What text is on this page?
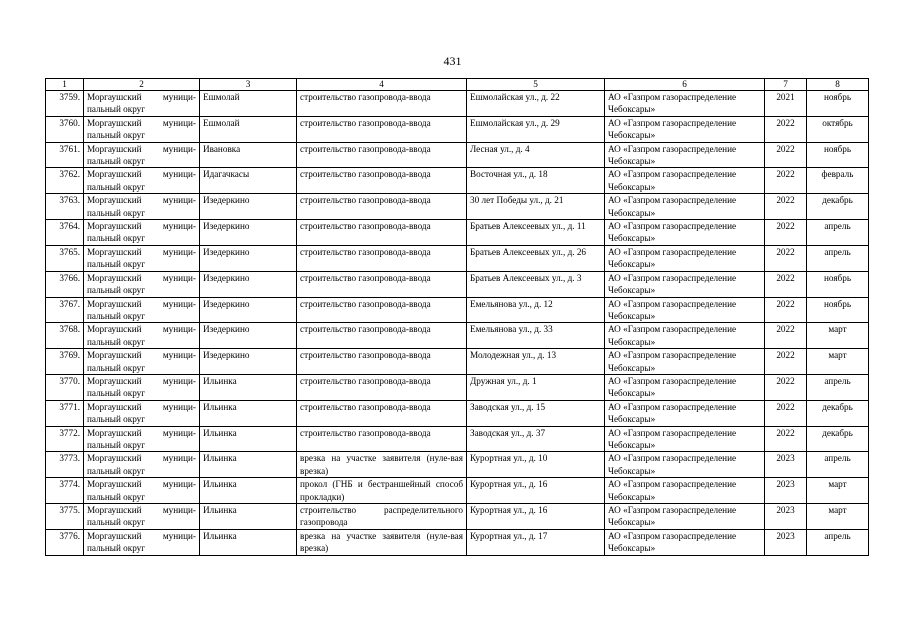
431
1	2	3	4	5	6	7	8
3759.	Моргаушский муници-пальный округ	Ешмолай	строительство газопровода-ввода	Ешмолайская ул., д. 22	АО «Газпром газораспределение Чебоксары»	2021	ноябрь
3760.	Моргаушский муници-пальный округ	Ешмолай	строительство газопровода-ввода	Ешмолайская ул., д. 29	АО «Газпром газораспределение Чебоксары»	2022	октябрь
3761.	Моргаушский муници-пальный округ	Ивановка	строительство газопровода-ввода	Лесная ул., д. 4	АО «Газпром газораспределение Чебоксары»	2022	ноябрь
3762.	Моргаушский муници-пальный округ	Идагачкасы	строительство газопровода-ввода	Восточная ул., д. 18	АО «Газпром газораспределение Чебоксары»	2022	февраль
3763.	Моргаушский муници-пальный округ	Изедеркино	строительство газопровода-ввода	30 лет Победы ул., д. 21	АО «Газпром газораспределение Чебоксары»	2022	декабрь
3764.	Моргаушский муници-пальный округ	Изедеркино	строительство газопровода-ввода	Братьев Алексеевых ул., д. 11	АО «Газпром газораспределение Чебоксары»	2022	апрель
3765.	Моргаушский муници-пальный округ	Изедеркино	строительство газопровода-ввода	Братьев Алексеевых ул., д. 26	АО «Газпром газораспределение Чебоксары»	2022	апрель
3766.	Моргаушский муници-пальный округ	Изедеркино	строительство газопровода-ввода	Братьев Алексеевых ул., д. 3	АО «Газпром газораспределение Чебоксары»	2022	ноябрь
3767.	Моргаушский муници-пальный округ	Изедеркино	строительство газопровода-ввода	Емельянова ул., д. 12	АО «Газпром газораспределение Чебоксары»	2022	ноябрь
3768.	Моргаушский муници-пальный округ	Изедеркино	строительство газопровода-ввода	Емельянова ул., д. 33	АО «Газпром газораспределение Чебоксары»	2022	март
3769.	Моргаушский муници-пальный округ	Изедеркино	строительство газопровода-ввода	Молодежная ул., д. 13	АО «Газпром газораспределение Чебоксары»	2022	март
3770.	Моргаушский муници-пальный округ	Ильинка	строительство газопровода-ввода	Дружная ул., д. 1	АО «Газпром газораспределение Чебоксары»	2022	апрель
3771.	Моргаушский муници-пальный округ	Ильинка	строительство газопровода-ввода	Заводская ул., д. 15	АО «Газпром газораспределение Чебоксары»	2022	декабрь
3772.	Моргаушский муници-пальный округ	Ильинка	строительство газопровода-ввода	Заводская ул., д. 37	АО «Газпром газораспределение Чебоксары»	2022	декабрь
3773.	Моргаушский муници-пальный округ	Ильинка	врезка на участке заявителя (нуле-вая врезка)	Курортная ул., д. 10	АО «Газпром газораспределение Чебоксары»	2023	апрель
3774.	Моргаушский муници-пальный округ	Ильинка	прокол (ГНБ и бестраншейный способ прокладки)	Курортная ул., д. 16	АО «Газпром газораспределение Чебоксары»	2023	март
3775.	Моргаушский муници-пальный округ	Ильинка	строительство распределительного газопровода	Курортная ул., д. 16	АО «Газпром газораспределение Чебоксары»	2023	март
3776.	Моргаушский муници-пальный округ	Ильинка	врезка на участке заявителя (нуле-вая врезка)	Курортная ул., д. 17	АО «Газпром газораспределение Чебоксары»	2023	апрель
